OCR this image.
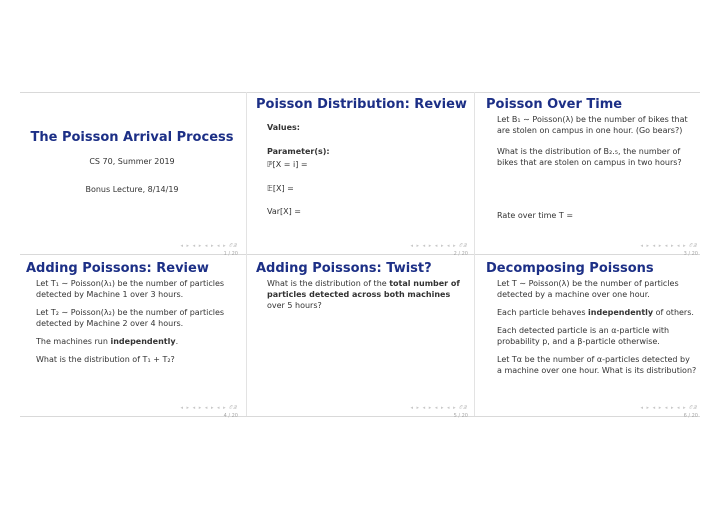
The Poisson Arrival Process
CS 70, Summer 2019
Bonus Lecture, 8/14/19
◂ ▸ ◂ ▸ ◂ ▸ ◂ ▸ 𝒪𝓠
1 / 20
Poisson Distribution: Review
Values:
Parameter(s):
ℙ[X = i] =
𝔼[X] =
Var[X] =
◂ ▸ ◂ ▸ ◂ ▸ ◂ ▸ 𝒪𝓠
2 / 20
Poisson Over Time

Let B₁ ∼ Poisson(λ) be the number of bikes that are stolen on campus in one hour. (Go bears?)

What is the distribution of B₂.₅, the number of bikes that are stolen on campus in two hours?

Rate over time T =
◂ ▸ ◂ ▸ ◂ ▸ ◂ ▸ 𝒪𝓠
3 / 20
Adding Poissons: Review

Let T₁ ∼ Poisson(λ₁) be the number of particles detected by Machine 1 over 3 hours.

Let T₂ ∼ Poisson(λ₂) be the number of particles detected by Machine 2 over 4 hours.

The machines run independently.

What is the distribution of T₁ + T₂?

◂ ▸ ◂ ▸ ◂ ▸ ◂ ▸ 𝒪𝓠
4 / 20
Adding Poissons: Twist?

What is the distribution of the total number of particles detected across both machines over 5 hours?

◂ ▸ ◂ ▸ ◂ ▸ ◂ ▸ 𝒪𝓠
5 / 20
Decomposing Poissons

Let T ∼ Poisson(λ) be the number of particles detected by a machine over one hour.

Each particle behaves independently of others.

Each detected particle is an α-particle with probability p, and a β-particle otherwise.

Let Tα be the number of α-particles detected by a machine over one hour. What is its distribution?

◂ ▸ ◂ ▸ ◂ ▸ ◂ ▸ 𝒪𝓠
6 / 20
